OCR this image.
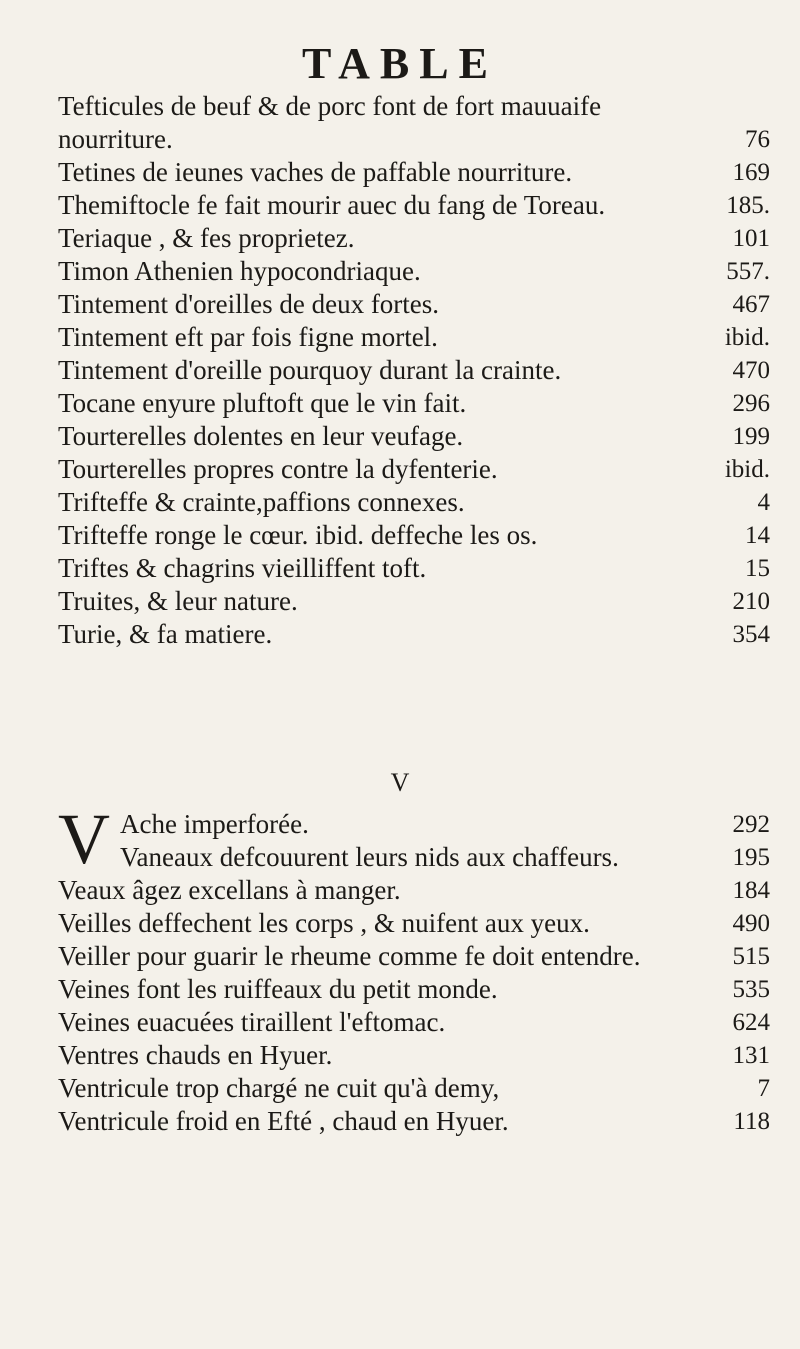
TABLE
Tefticules de beuf & de porc font de fort mauuaife nourriture.	76
Tetines de ieunes vaches de paffable nourriture.	169
Themiftocle fe fait mourir auec du fang de Toreau.	185.
Teriaque , & fes proprietez.	101
Timon Athenien hypocondriaque.	557.
Tintement d'oreilles de deux fortes.	467
Tintement eft par fois figne mortel.	ibid.
Tintement d'oreille pourquoy durant la crainte.	470
Tocane enyure pluftoft que le vin fait.	296
Tourterelles dolentes en leur veufage.	199
Tourterelles propres contre la dyfenterie.	ibid.
Trifteffe & crainte,paffions connexes.	4
Trifteffe ronge le cœur. ibid. deffeche les os.	14
Triftes & chagrins vieilliffent toft.	15
Truites, & leur nature.	210
Turie, & fa matiere.	354
V
Ache imperforée.	292
Vaneaux defcouurent leurs nids aux chaffeurs.	195
Veaux âgez excellans à manger.	184
Veilles deffechent les corps , & nuifent aux yeux.	490
Veiller pour guarir le rheume comme fe doit entendre.	515
Veines font les ruiffeaux du petit monde.	535
Veines euacuées tiraillent l'eftomac.	624
Ventres chauds en Hyuer.	131
Ventricule trop chargé ne cuit qu'à demy,	7
Ventricule froid en Efté , chaud en Hyuer.	118
V
